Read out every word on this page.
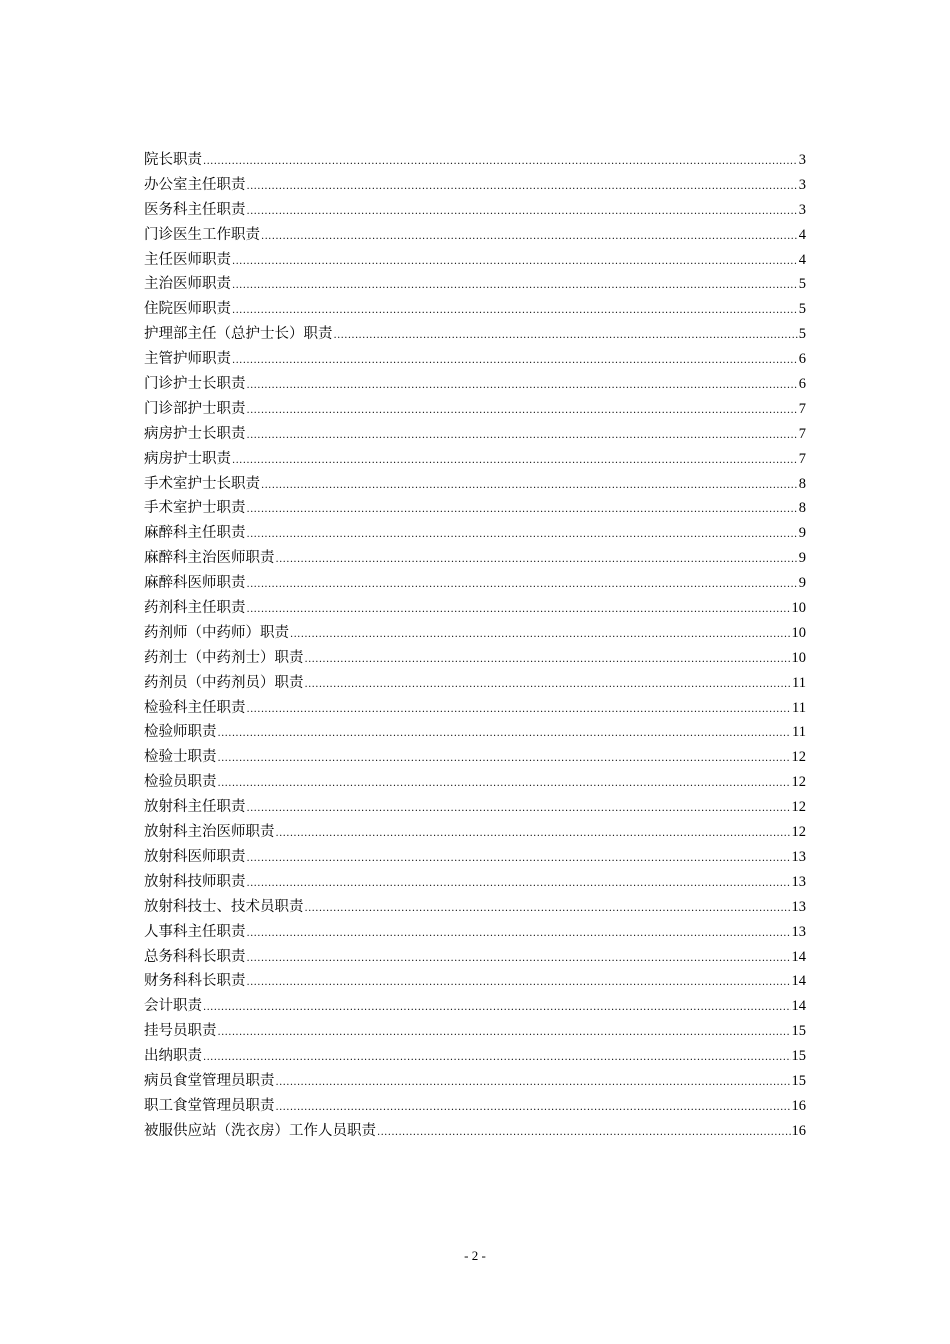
院长职责 .....	3
办公室主任职责 .....	3
医务科主任职责 .....	3
门诊医生工作职责 .....	4
主任医师职责 .....	4
主治医师职责 .....	5
住院医师职责 .....	5
护理部主任（总护士长）职责 .....	5
主管护师职责 .....	6
门诊护士长职责 .....	6
门诊部护士职责 .....	7
病房护士长职责 .....	7
病房护士职责 .....	7
手术室护士长职责 .....	8
手术室护士职责 .....	8
麻醉科主任职责 .....	9
麻醉科主治医师职责 .....	9
麻醉科医师职责 .....	9
药剂科主任职责 .....	10
药剂师（中药师）职责 .....	10
药剂士（中药剂士）职责 .....	10
药剂员（中药剂员）职责 .....	11
检验科主任职责 .....	11
检验师职责 .....	11
检验士职责 .....	12
检验员职责 .....	12
放射科主任职责 .....	12
放射科主治医师职责 .....	12
放射科医师职责 .....	13
放射科技师职责 .....	13
放射科技士、技术员职责 .....	13
人事科主任职责 .....	13
总务科科长职责 .....	14
财务科科长职责 .....	14
会计职责 .....	14
挂号员职责 .....	15
出纳职责 .....	15
病员食堂管理员职责 .....	15
职工食堂管理员职责 .....	16
被服供应站（洗衣房）工作人员职责 .....	16
- 2 -
